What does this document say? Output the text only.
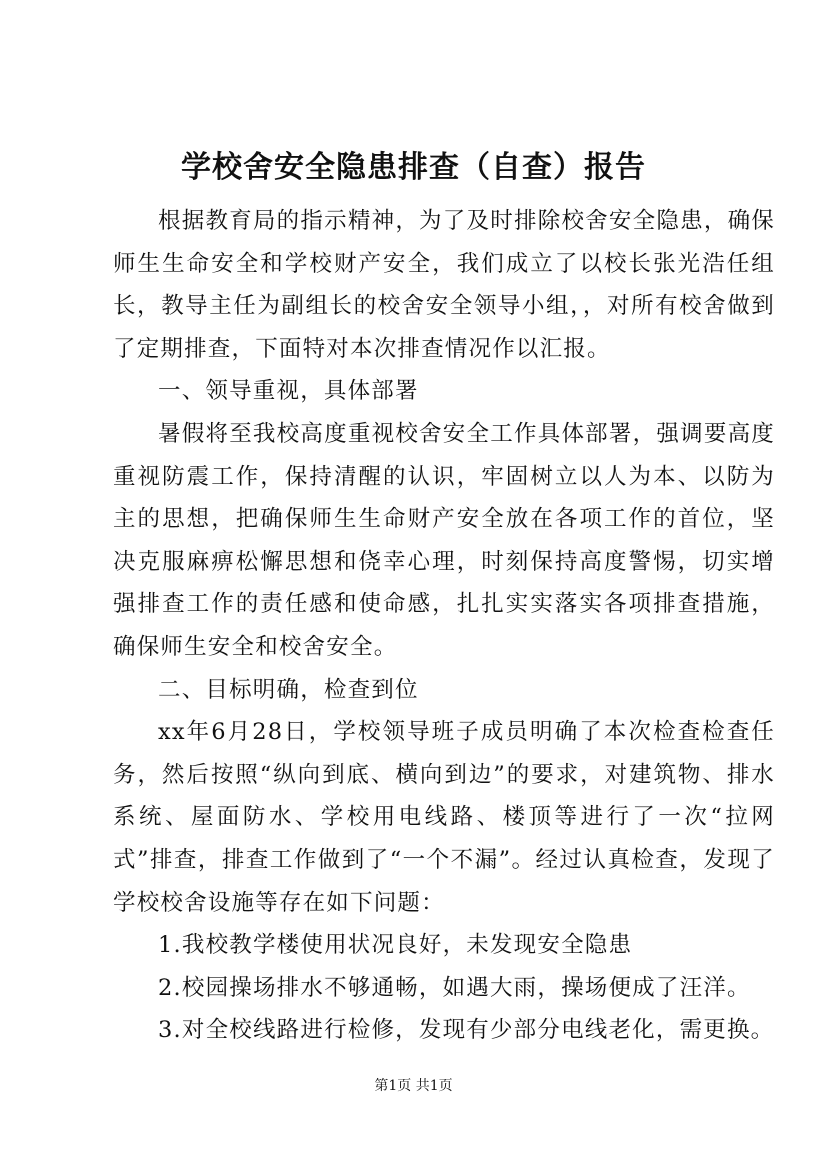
学校舍安全隐患排查（自查）报告

根据教育局的指示精神，为了及时排除校舍安全隐患，确保师生生命安全和学校财产安全，我们成立了以校长张光浩任组长，教导主任为副组长的校舍安全领导小组，，对所有校舍做到了定期排查，下面特对本次排查情况作以汇报。

一、领导重视，具体部署

暑假将至我校高度重视校舍安全工作具体部署，强调要高度重视防震工作，保持清醒的认识，牢固树立以人为本、以防为主的思想，把确保师生生命财产安全放在各项工作的首位，坚决克服麻痹松懈思想和侥幸心理，时刻保持高度警惕，切实增强排查工作的责任感和使命感，扎扎实实落实各项排查措施，确保师生安全和校舍安全。

二、目标明确，检查到位

xx年6月28日，学校领导班子成员明确了本次检查检查任务，然后按照“纵向到底、横向到边”的要求，对建筑物、排水系统、屋面防水、学校用电线路、楼顶等进行了一次“拉网式”排查，排查工作做到了“一个不漏”。经过认真检查，发现了学校校舍设施等存在如下问题：

1.我校教学楼使用状况良好，未发现安全隐患

2.校园操场排水不够通畅，如遇大雨，操场便成了汪洋。

3.对全校线路进行检修，发现有少部分电线老化，需更换。

第1页 共1页
